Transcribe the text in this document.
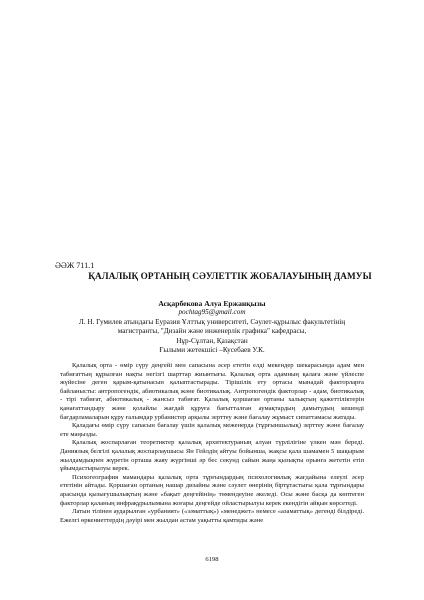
ӘӘЖ 711.1
ҚАЛАЛЫҚ ОРТАНЫҢ СӘУЛЕТТІК ЖОБАЛАУЫНЫҢ ДАМУЫ
Асқарбекова Алуа Ержанқызы
pochtag95@gmail.com
Л. Н. Гумилев атындағы Еуразия Ұлттық университеті, Сәулет-құрылыс факультетінің
магистранты, "Дизайн және инженерлік графика" кафедрасы,
Нұр-Сұлтан, Қазақстан
Ғылыми жетекшісі –Кусебаев У.К.

Қалалық орта - өмір сүру деңгейі мен сапасына әсер ететін елді мекендер шекарасында адам мен табиғаттың құрылған нақты негізгі шарттар жиынтығы. Қалалық орта адамның қалаға және үйлеспе жүйесіне деген қарым-қатынасын қалыптастырады. Тірішілік ету ортасы мынадай факторларға байланысты: антропогендік, абиотикалық және биотикалық. Антропогендік факторлар - адам, биотикалық - тірі табиғат, абиотикалық - жансыз табиғат. Қалалық қоршаған ортаны халықтың қажеттіліктерін қанағаттандыру және қолайлы жағдай құруға бағытталған аумақтардың дамытудың кешенді бағдарламаларын құру ғалымдар урбанистер арқылы зерттеу және бағалау жұмыст сипаттамасы жатады.

Қаладағы өмір сүру сапасын бағалау үшін қалалық меженерда (тұрғыншылық) зерттеу және бағалау ете маңызды.

Қалалық жоспарлаған теоретиктер қалалық архитектураның алуан түрлілігіне үлкен мән береді. Даниялық белгілі қалалық жоспарлаушысы Ян Гейлдің айтуы бойынша, жақсы қала шамамен 5 шақырым жылдамдықпен жүретін орташа жаяу жүргінші әр бес секунд сайын жаңа қызықты орынға жететін етіп ұйымдастырылуы керек.

Психогеография мамандары қалалық орта тұрғындардың психологиялық жағдайына елеулі әсер ететінін айтады. Қоршаған ортаның нашар дизайны және сәулет өнерінің біртұтастығы қала тұрғындары арасында қызығушылықтың және «бақыт деңгейінің» төмендеуіне әкеледі. Осы және басқа да көптеген факторлар қаланың инфрақұрылымына жоғары деңгейде ойластырылуы керек екендігін айқын көрсетеді.

Латын тілінен аударылған «урбаният» («зәматтық») «менеджет» немесе «азаматтық» дегенді білдіреді. Ежелгі өркениеттердің дәуірі мен жылдан астам уақытты қамтиды және

6198
